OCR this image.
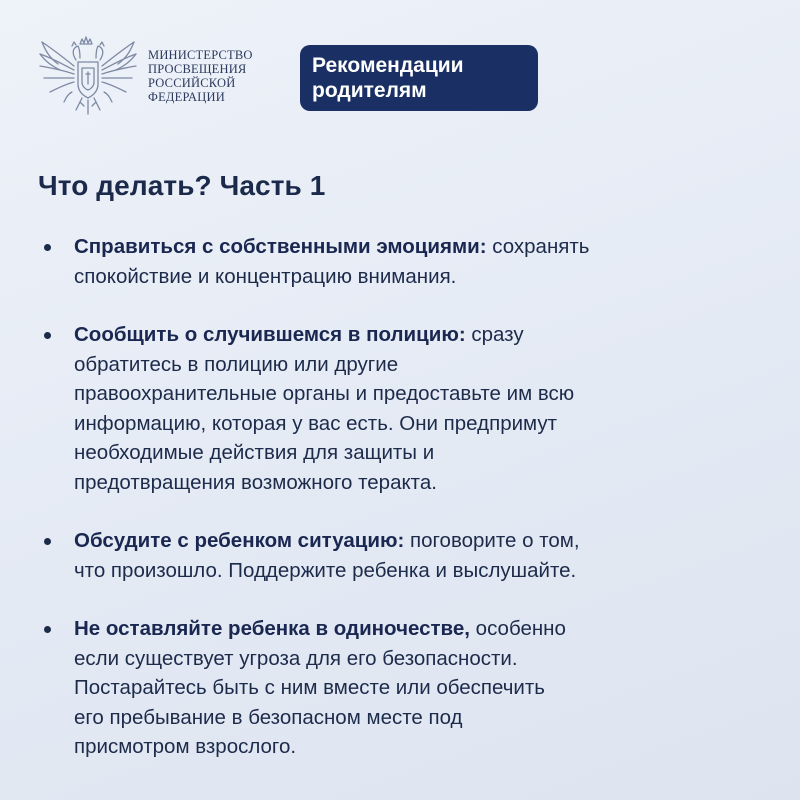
МИНИСТЕРСТВО
ПРОСВЕЩЕНИЯ
РОССИЙСКОЙ
ФЕДЕРАЦИИ
Рекомендации
родителям
Что делать? Часть 1
Справиться с собственными эмоциями: сохранять
спокойствие и концентрацию внимания.
Сообщить о случившемся в полицию: сразу
обратитесь в полицию или другие
правоохранительные органы и предоставьте им всю
информацию, которая у вас есть. Они предпримут
необходимые действия для защиты и
предотвращения возможного теракта.
Обсудите с ребенком ситуацию: поговорите о том,
что произошло. Поддержите ребенка и выслушайте.
Не оставляйте ребенка в одиночестве, особенно
если существует угроза для его безопасности.
Постарайтесь быть с ним вместе или обеспечить
его пребывание в безопасном месте под
присмотром взрослого.
